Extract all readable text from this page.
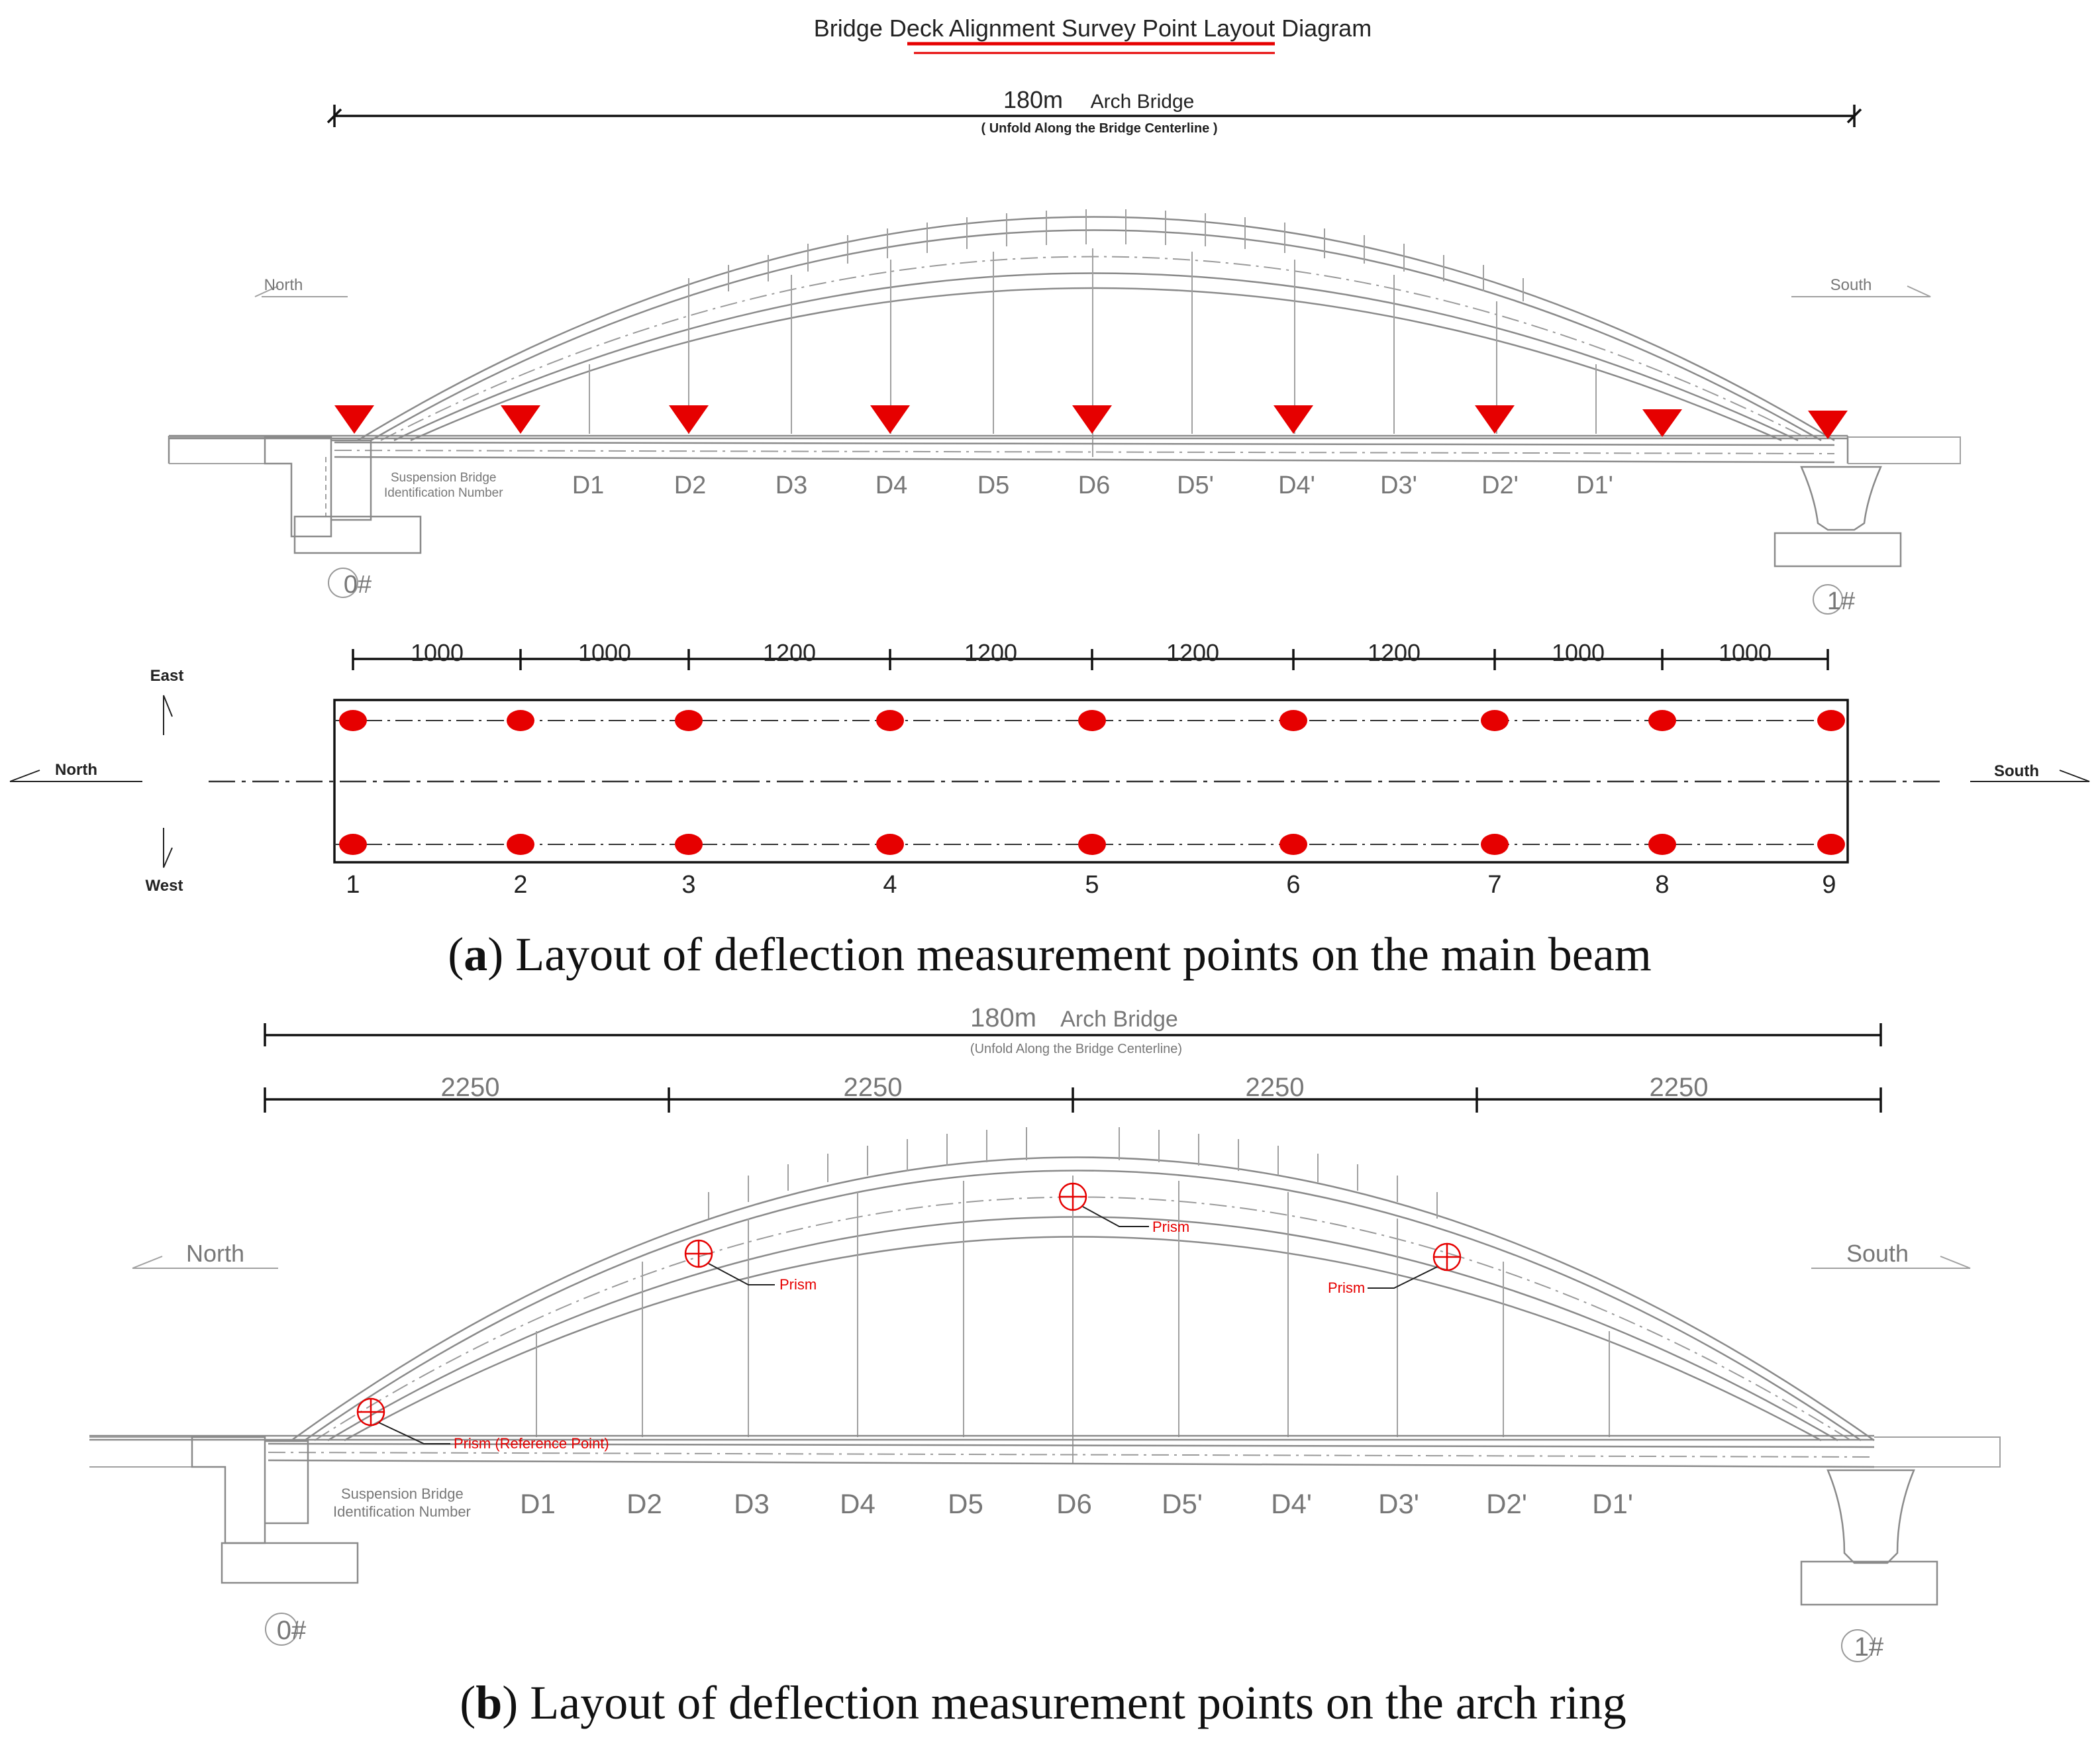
Bridge Deck Alignment Survey Point Layout Diagram
180m Arch Bridge
( Unfold Along the Bridge Centerline )
North	South
Suspension Bridge
Identification Number	D1	D2	D3	D4	D5	D6	D5'	D4'	D3'	D2' D1'
0#
1#
1000	1000	1200	1200	1200	1200	1000	1000
1	2	3	4	5	6	7	8	9
East
West
North	South
(a) Layout of deflection measurement points on the main beam
180m Arch Bridge
(Unfold Along the Bridge Centerline)
2250	2250	2250	2250
North	South
Suspension Bridge
Identification Number D1	D2	D3	D4	D5	D6	D5' D4' D3' D2' D1'
Prism (Reference Point)
Prism
Prism
Prism
0#
1#
(b) Layout of deflection measurement points on the arch ring
